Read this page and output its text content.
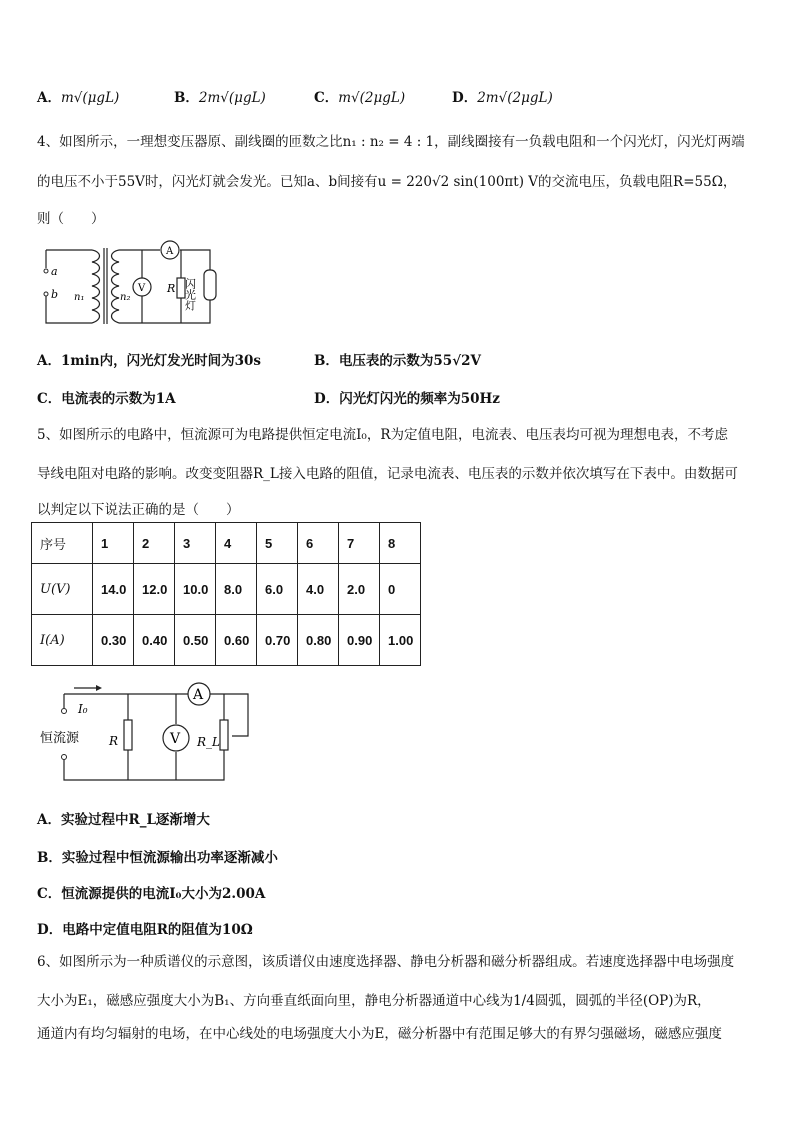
A．m√(μgL)	B．2m√(μgL)	C．m√(2μgL)	D．2m√(2μgL)
4、如图所示，一理想变压器原、副线圈的匝数之比n₁ : n₂ = 4 : 1，副线圈接有一负载电阻和一个闪光灯，闪光灯两端
的电压不小于55V时，闪光灯就会发光。已知a、b间接有u = 220√2 sin(100πt) V的交流电压，负载电阻R=55Ω，
则（　　）
a
b n₁	n₂
A
V R 闪光灯
A．1min内，闪光灯发光时间为30s	B．电压表的示数为55√2V
C．电流表的示数为1A	D．闪光灯闪光的频率为50Hz
5、如图所示的电路中，恒流源可为电路提供恒定电流I₀，R为定值电阻，电流表、电压表均可视为理想电表，不考虑
导线电阻对电路的影响。改变变阻器R_L接入电路的阻值，记录电流表、电压表的示数并依次填写在下表中。由数据可
以判定以下说法正确的是（　　）
序号	1	2	3	4	5	6	7	8
U(V)	14.0	12.0	10.0	8.0	6.0	4.0	2.0	0
I(A)	0.30	0.40	0.50	0.60	0.70	0.80	0.90	1.00
I₀
恒流源 R	V
A
R_L
A．实验过程中R_L逐渐增大
B．实验过程中恒流源输出功率逐渐减小
C．恒流源提供的电流I₀大小为2.00A
D．电路中定值电阻R的阻值为10Ω
6、如图所示为一种质谱仪的示意图，该质谱仪由速度选择器、静电分析器和磁分析器组成。若速度选择器中电场强度
大小为E₁，磁感应强度大小为B₁、方向垂直纸面向里，静电分析器通道中心线为1/4圆弧，圆弧的半径(OP)为R，
通道内有均匀辐射的电场，在中心线处的电场强度大小为E，磁分析器中有范围足够大的有界匀强磁场，磁感应强度
